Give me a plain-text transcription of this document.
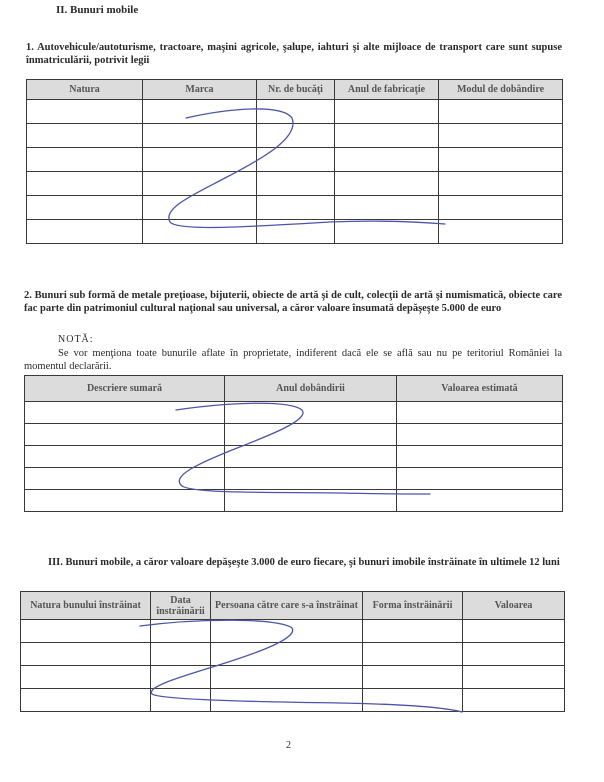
II. Bunuri mobile
1. Autovehicule/autoturisme, tractoare, maşini agricole, şalupe, iahturi şi alte mijloace de transport care sunt supuse înmatriculării, potrivit legii
Natura	Marca	Nr. de bucăţi	Anul de fabricaţie	Modul de dobândire

2. Bunuri sub formă de metale preţioase, bijuterii, obiecte de artă şi de cult, colecţii de artă şi numismatică, obiecte care fac parte din patrimoniul cultural naţional sau universal, a căror valoare însumată depăşeşte 5.000 de euro
NOTĂ:
Se vor menţiona toate bunurile aflate în proprietate, indiferent dacă ele se află sau nu pe teritoriul României la momentul declarării.
Descriere sumară	Anul dobândirii	Valoarea estimată

III. Bunuri mobile, a căror valoare depăşeşte 3.000 de euro fiecare, şi bunuri imobile înstrăinate în ultimele 12 luni
Natura bunului înstrăinat	Data înstrăinării	Persoana către care s-a înstrăinat	Forma înstrăinării	Valoarea

2
